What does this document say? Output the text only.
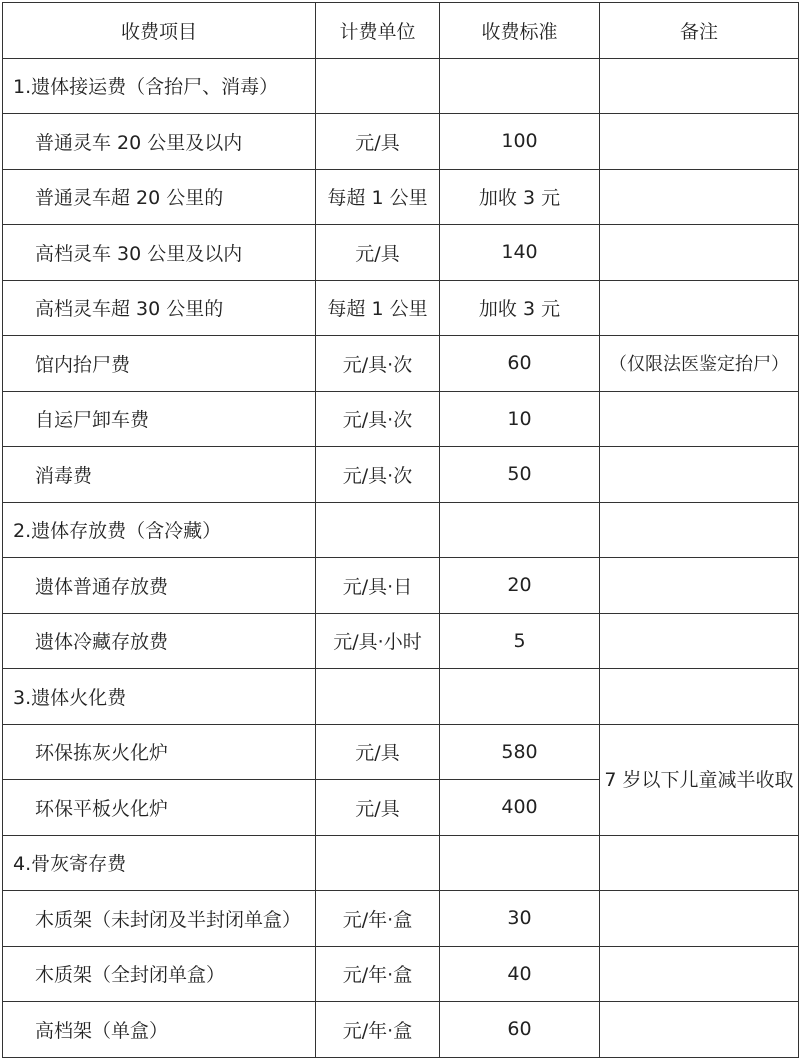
收费项目	计费单位	收费标准	备注
1.遗体接运费（含抬尸、消毒）			
普通灵车 20 公里及以内	元/具	100	
普通灵车超 20 公里的	每超 1 公里	加收 3 元	
高档灵车 30 公里及以内	元/具	140	
高档灵车超 30 公里的	每超 1 公里	加收 3 元	
馆内抬尸费	元/具·次	60	（仅限法医鉴定抬尸）
自运尸卸车费	元/具·次	10	
消毒费	元/具·次	50	
2.遗体存放费（含冷藏）			
遗体普通存放费	元/具·日	20	
遗体冷藏存放费	元/具·小时	5	
3.遗体火化费			
环保拣灰火化炉	元/具	580	7 岁以下儿童减半收取
环保平板火化炉	元/具	400	
4.骨灰寄存费			
木质架（未封闭及半封闭单盒）	元/年·盒	30	
木质架（全封闭单盒）	元/年·盒	40	
高档架（单盒）	元/年·盒	60	
